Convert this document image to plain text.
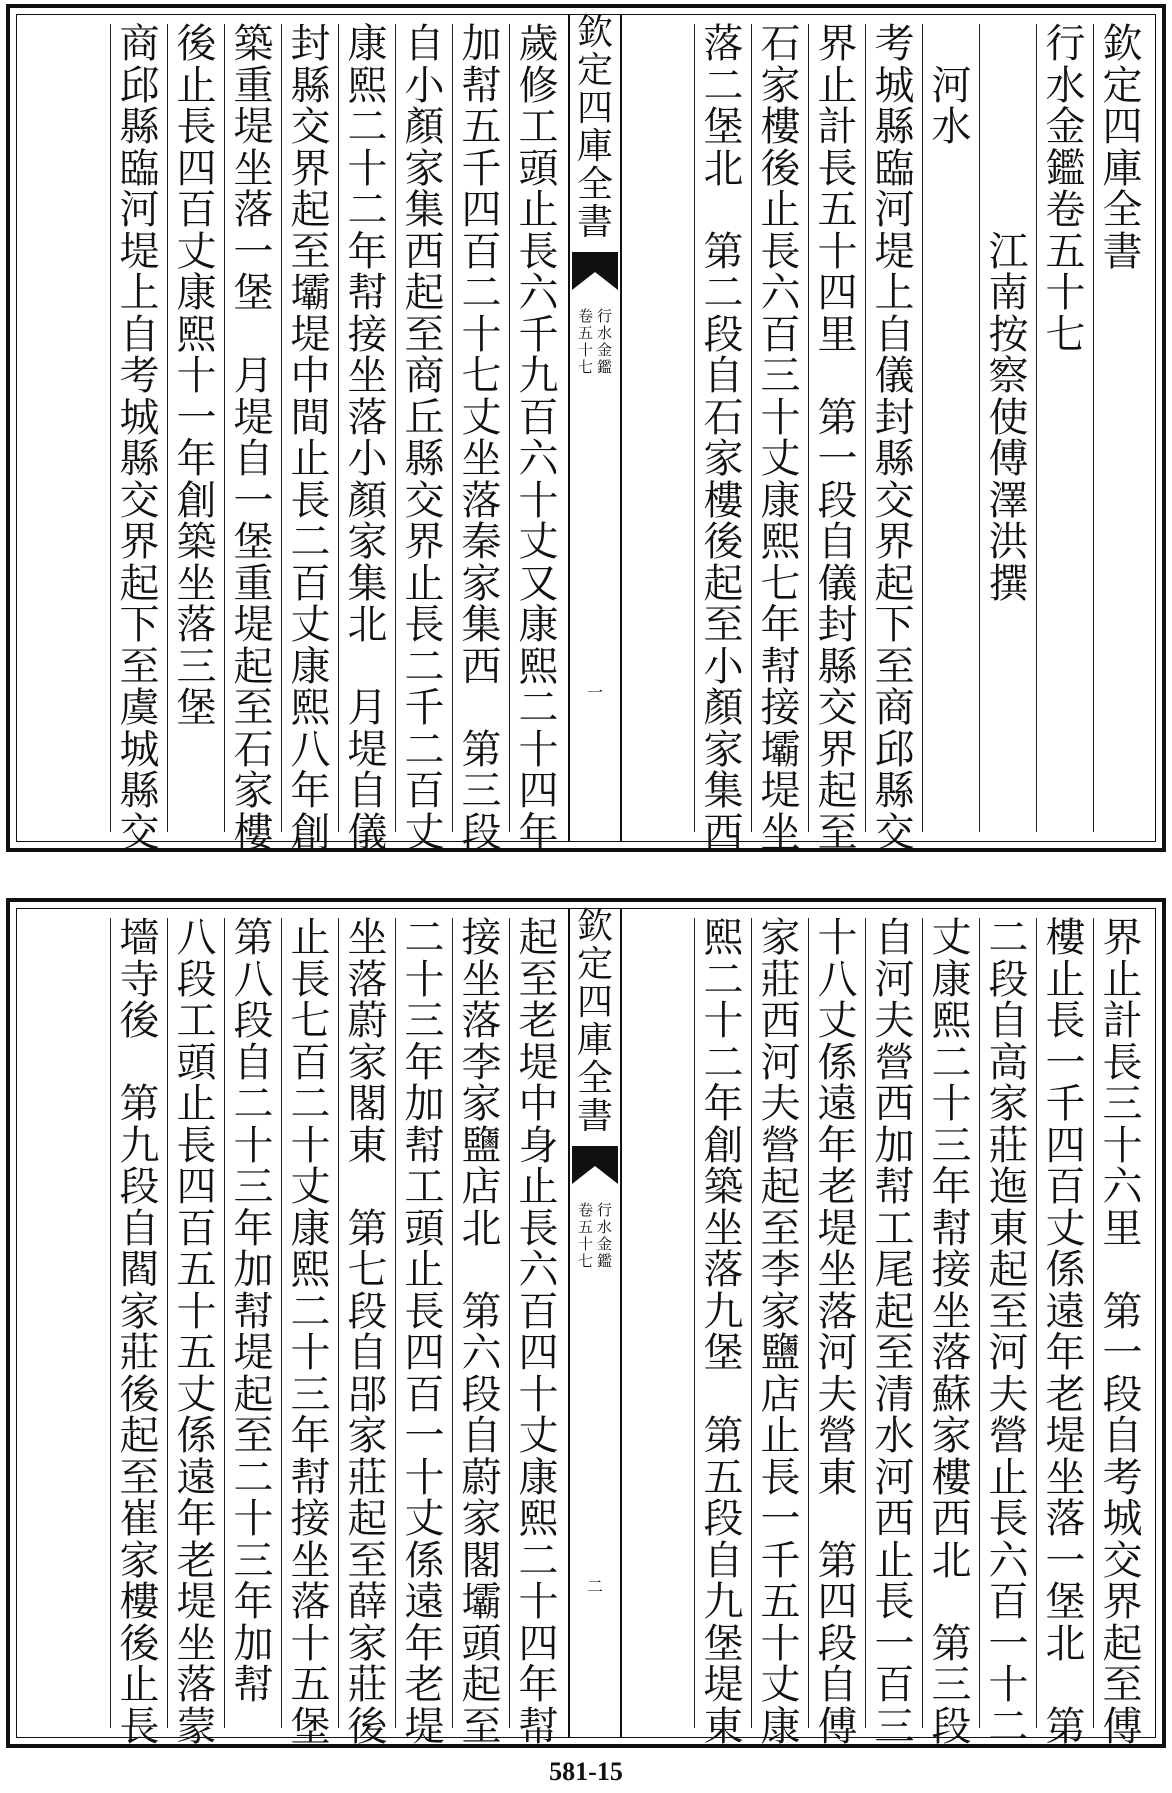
欽
定
四
庫
全
書
行
水
金
鑑
卷
五
十
七
一
欽
定
四
庫
全
書
行
水
金
鑑
卷
五
十
七

江
南
按
察
使
傅
澤
洪
撰

河
水
考
城
縣
臨
河
堤
上
自
儀
封
縣
交
界
起
下
至
商
邱
縣
交
界
止
計
長
五
十
四
里

第
一
段
自
儀
封
縣
交
界
起
至
石
家
樓
後
止
長
六
百
三
十
丈
康
熙
七
年
幇
接
壩
堤
坐
落
二
堡
北

第
二
段
自
石
家
樓
後
起
至
小
顏
家
集
西
歲
修
工
頭
止
長
六
千
九
百
六
十
丈
又
康
熙
二
十
四
年
加
幇
五
千
四
百
二
十
七
丈
坐
落
秦
家
集
西

第
三
段
自
小
顏
家
集
西
起
至
商
丘
縣
交
界
止
長
二
千
二
百
丈
康
熙
二
十
二
年
幇
接
坐
落
小
顏
家
集
北

月
堤
自
儀
封
縣
交
界
起
至
壩
堤
中
間
止
長
二
百
丈
康
熙
八
年
創
築
重
堤
坐
落
一
堡

月
堤
自
一
堡
重
堤
起
至
石
家
樓
後
止
長
四
百
丈
康
熙
十
一
年
創
築
坐
落
三
堡
商
邱
縣
臨
河
堤
上
自
考
城
縣
交
界
起
下
至
虞
城
縣
交
欽
定
四
庫
全
書
行
水
金
鑑
卷
五
十
七
二
界
止
計
長
三
十
六
里

第
一
段
自
考
城
交
界
起
至
傅
樓
止
長
一
千
四
百
丈
係
遠
年
老
堤
坐
落
一
堡
北

第
二
段
自
高
家
莊
迤
東
起
至
河
夫
營
止
長
六
百
一
十
二
丈
康
熙
二
十
三
年
幇
接
坐
落
蘇
家
樓
西
北

第
三
段
自
河
夫
營
西
加
幇
工
尾
起
至
清
水
河
西
止
長
一
百
三
十
八
丈
係
遠
年
老
堤
坐
落
河
夫
營
東

第
四
段
自
傅
家
莊
西
河
夫
營
起
至
李
家
鹽
店
止
長
一
千
五
十
丈
康
熙
二
十
二
年
創
築
坐
落
九
堡

第
五
段
自
九
堡
堤
東
起
至
老
堤
中
身
止
長
六
百
四
十
丈
康
熙
二
十
四
年
幇
接
坐
落
李
家
鹽
店
北

第
六
段
自
蔚
家
閣
壩
頭
起
至
二
十
三
年
加
幇
工
頭
止
長
四
百
一
十
丈
係
遠
年
老
堤
坐
落
蔚
家
閣
東

第
七
段
自
郘
家
莊
起
至
薛
家
莊
後
止
長
七
百
二
十
丈
康
熙
二
十
三
年
幇
接
坐
落
十
五
堡
第
八
段
自
二
十
三
年
加
幇
堤
起
至
二
十
三
年
加
幇
八
段
工
頭
止
長
四
百
五
十
五
丈
係
遠
年
老
堤
坐
落
蒙
墻
寺
後

第
九
段
自
閻
家
莊
後
起
至
崔
家
樓
後
止
長
581-15
